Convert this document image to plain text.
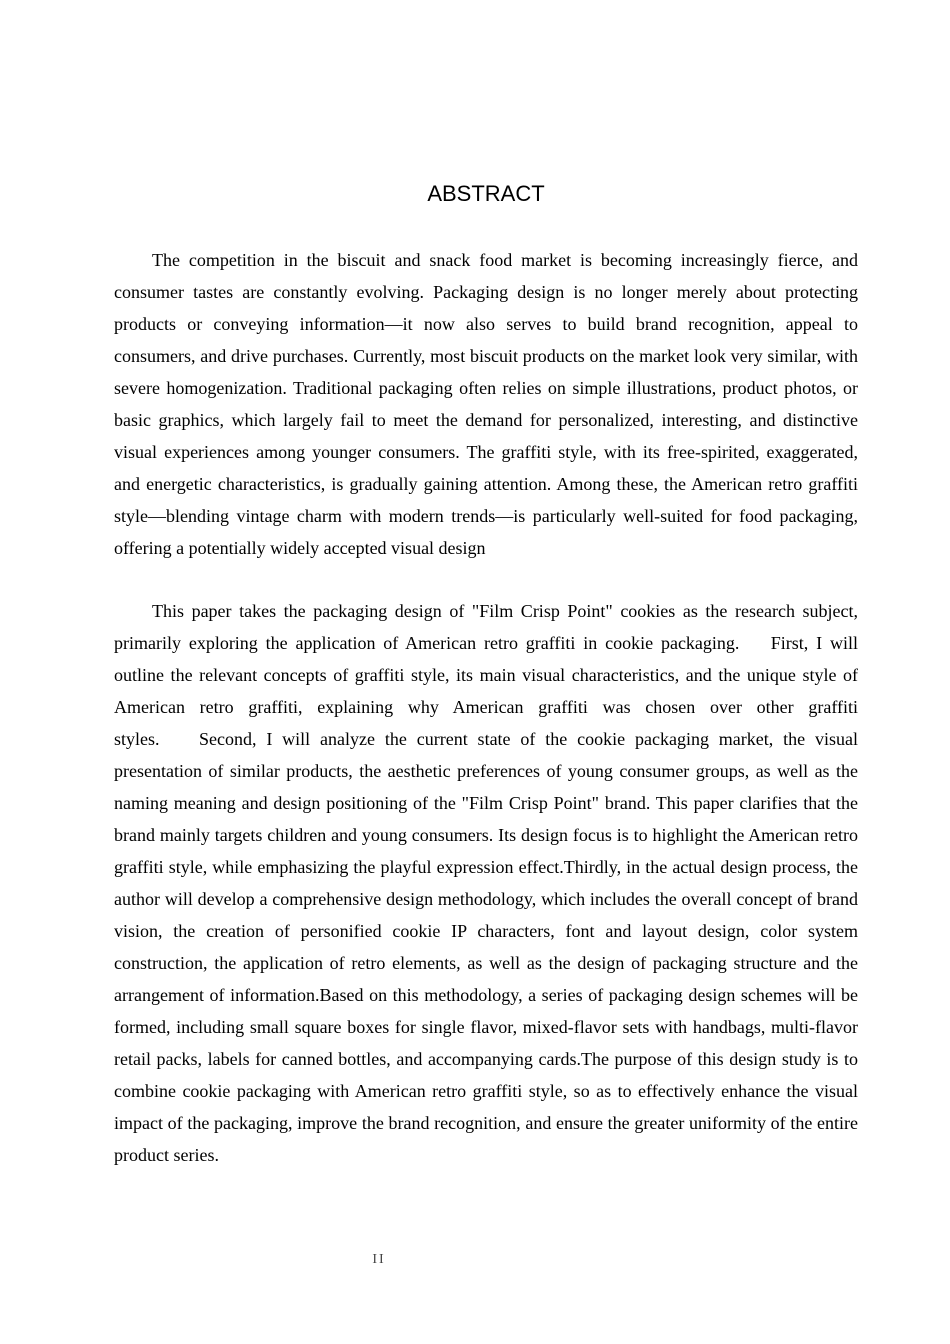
ABSTRACT

The competition in the biscuit and snack food market is becoming increasingly fierce, and consumer tastes are constantly evolving. Packaging design is no longer merely about protecting products or conveying information—it now also serves to build brand recognition, appeal to consumers, and drive purchases. Currently, most biscuit products on the market look very similar, with severe homogenization. Traditional packaging often relies on simple illustrations, product photos, or basic graphics, which largely fail to meet the demand for personalized, interesting, and distinctive visual experiences among younger consumers. The graffiti style, with its free-spirited, exaggerated, and energetic characteristics, is gradually gaining attention. Among these, the American retro graffiti style—blending vintage charm with modern trends—is particularly well-suited for food packaging, offering a potentially widely accepted visual design

This paper takes the packaging design of "Film Crisp Point" cookies as the research subject, primarily exploring the application of American retro graffiti in cookie packaging.    First, I will outline the relevant concepts of graffiti style, its main visual characteristics, and the unique style of American retro graffiti, explaining why American graffiti was chosen over other graffiti styles.    Second, I will analyze the current state of the cookie packaging market, the visual presentation of similar products, the aesthetic preferences of young consumer groups, as well as the naming meaning and design positioning of the "Film Crisp Point" brand. This paper clarifies that the brand mainly targets children and young consumers. Its design focus is to highlight the American retro graffiti style, while emphasizing the playful expression effect.Thirdly, in the actual design process, the author will develop a comprehensive design methodology, which includes the overall concept of brand vision, the creation of personified cookie IP characters, font and layout design, color system construction, the application of retro elements, as well as the design of packaging structure and the arrangement of information.Based on this methodology, a series of packaging design schemes will be formed, including small square boxes for single flavor, mixed-flavor sets with handbags, multi-flavor retail packs, labels for canned bottles, and accompanying cards.The purpose of this design study is to combine cookie packaging with American retro graffiti style, so as to effectively enhance the visual impact of the packaging, improve the brand recognition, and ensure the greater uniformity of the entire product series.

II
